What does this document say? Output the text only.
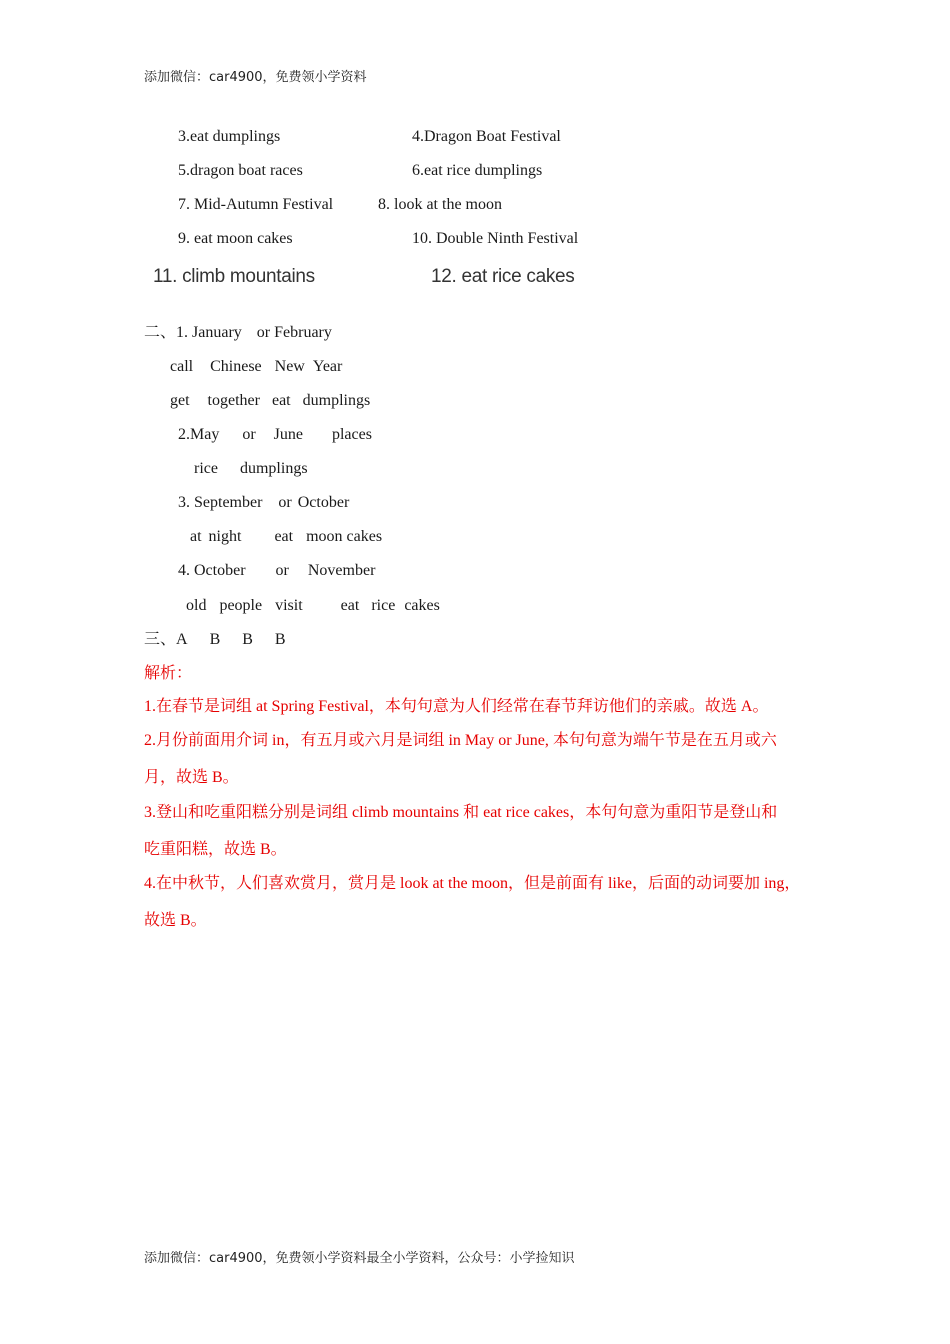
添加微信：car4900，免费领小学资料
3.eat dumplings	4.Dragon Boat Festival
5.dragon boat races	6.eat rice dumplings
7. Mid-Autumn Festival	8. look at the moon
9. eat moon cakes	10. Double Ninth Festival
11. climb mountains	12. eat rice cakes
二、1. January or February
call Chinese New Year
get together eat dumplings
2.May or June places
rice dumplings
3. September or October
at night eat moon cakes
4. October or November
old people visit eat rice cakes
三、A B B B
解析：
1.在春节是词组 at Spring Festival，本句句意为人们经常在春节拜访他们的亲戚。故选 A。
2.月份前面用介词 in，有五月或六月是词组 in May or June, 本句句意为端午节是在五月或六
月，故选 B。
3.登山和吃重阳糕分别是词组 climb mountains 和 eat rice cakes，本句句意为重阳节是登山和
吃重阳糕，故选 B。
4.在中秋节，人们喜欢赏月，赏月是 look at the moon，但是前面有 like，后面的动词要加 ing，
故选 B。
添加微信：car4900，免费领小学资料最全小学资料，公众号：小学捡知识
